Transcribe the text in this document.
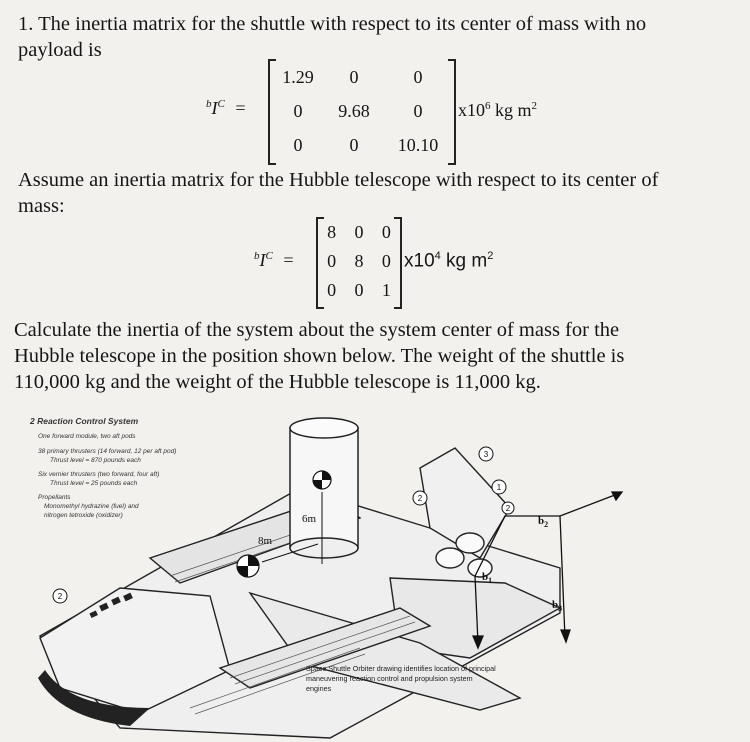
1. The inertia matrix for the shuttle with respect to its center of mass with no
payload is
$^bI^C$ =
1.29	0	0
0	9.68	0
0	0	10.10
$x10^6$ kg $m^2$
Assume an inertia matrix for the Hubble telescope with respect to its center of
mass:
$^bI^C$ =
8	0	0
0	8	0
0	0	1
$x10^4$ kg $m^2$
Calculate the inertia of the system about the system center of mass for the
Hubble telescope in the position shown below. The weight of the shuttle is
110,000 kg and the weight of the Hubble telescope is 11,000 kg.
2 Reaction Control System
One forward module, two aft pods
38 primary thrusters (14 forward, 12 per aft pod)
Thrust level = 870 pounds each
Six vernier thrusters (two forward, four aft)
Thrust level = 25 pounds each
Propellants
Monomethyl hydrazine (fuel) and
nitrogen tetroxide (oxidizer)	6m
8m
$b_2$
$b_1$
$b_3$
3
2
1
2
2
Space Shuttle Orbiter drawing identifies location of principal
maneuvering reaction control and propulsion system
engines
